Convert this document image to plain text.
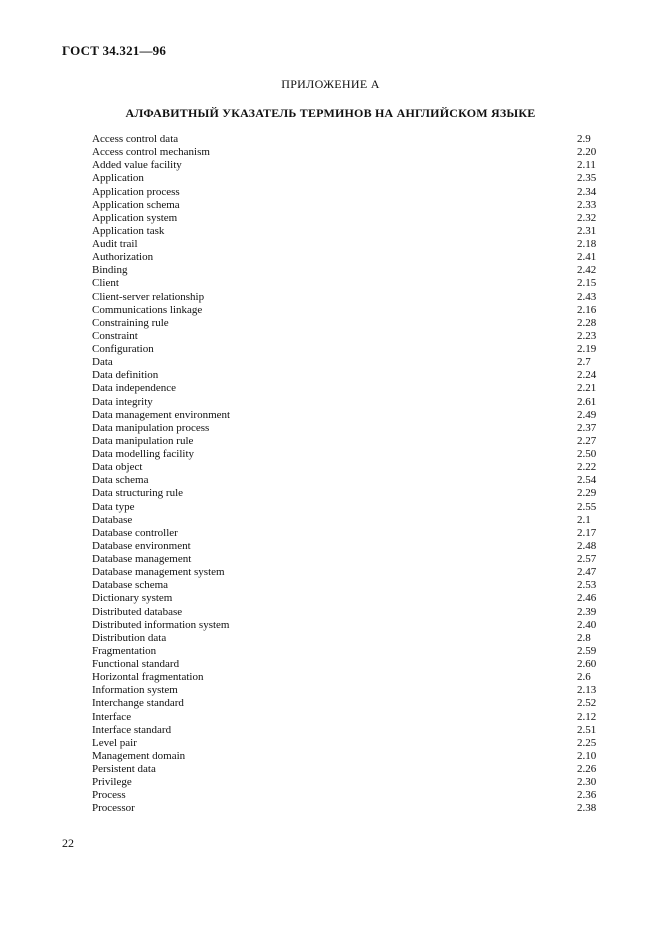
ГОСТ 34.321—96
ПРИЛОЖЕНИЕ А
АЛФАВИТНЫЙ УКАЗАТЕЛЬ ТЕРМИНОВ НА АНГЛИЙСКОМ ЯЗЫКЕ
Access control data	2.9
Access control mechanism	2.20
Added value facility	2.11
Application	2.35
Application process	2.34
Application schema	2.33
Application system	2.32
Application task	2.31
Audit trail	2.18
Authorization	2.41
Binding	2.42
Client	2.15
Client-server relationship	2.43
Communications linkage	2.16
Constraining rule	2.28
Constraint	2.23
Configuration	2.19
Data	2.7
Data definition	2.24
Data independence	2.21
Data integrity	2.61
Data management environment	2.49
Data manipulation process	2.37
Data manipulation rule	2.27
Data modelling facility	2.50
Data object	2.22
Data schema	2.54
Data structuring rule	2.29
Data type	2.55
Database	2.1
Database controller	2.17
Database environment	2.48
Database management	2.57
Database management system	2.47
Database schema	2.53
Dictionary system	2.46
Distributed database	2.39
Distributed information system	2.40
Distribution data	2.8
Fragmentation	2.59
Functional standard	2.60
Horizontal fragmentation	2.6
Information system	2.13
Interchange standard	2.52
Interface	2.12
Interface standard	2.51
Level pair	2.25
Management domain	2.10
Persistent data	2.26
Privilege	2.30
Process	2.36
Processor	2.38
22
